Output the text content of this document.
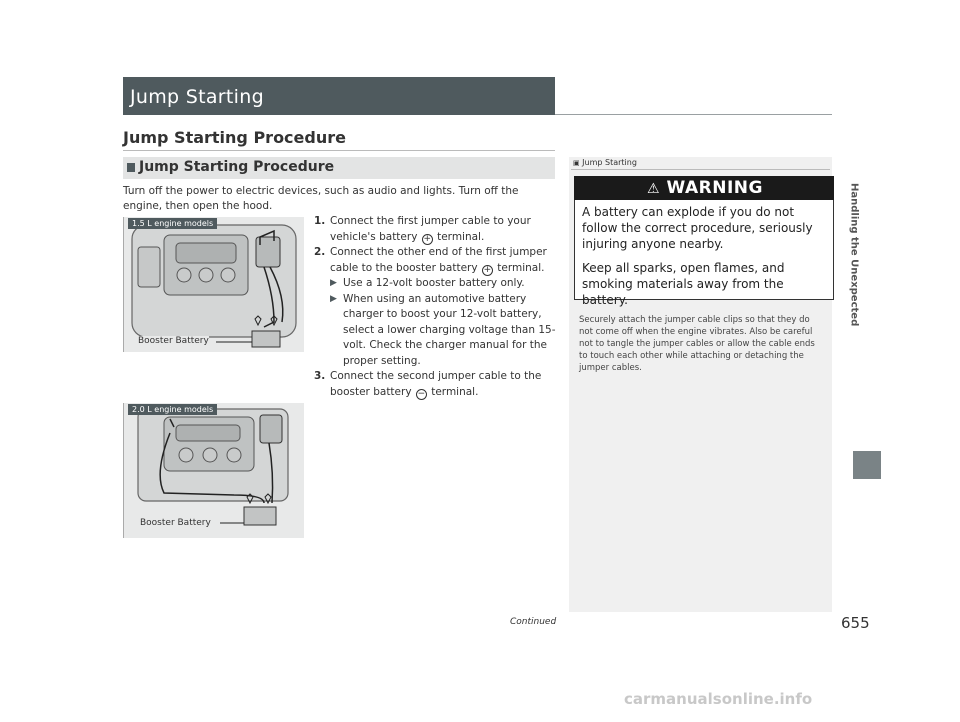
Jump Starting
Jump Starting Procedure
Jump Starting Procedure
Turn off the power to electric devices, such as audio and lights. Turn off the engine, then open the hood.

1. Connect the first jumper cable to your vehicle's battery + terminal.

2. Connect the other end of the first jumper cable to the booster battery + terminal.

▶ Use a 12-volt booster battery only.

▶ When using an automotive battery charger to boost your 12-volt battery, select a lower charging voltage than 15-volt. Check the charger manual for the proper setting.

3. Connect the second jumper cable to the booster battery − terminal.

1.5 L engine models
Booster Battery
2.0 L engine models
Booster Battery
▣ Jump Starting
⚠ WARNING

A battery can explode if you do not follow the correct procedure, seriously injuring anyone nearby.

Keep all sparks, open flames, and smoking materials away from the battery.

Securely attach the jumper cable clips so that they do not come off when the engine vibrates. Also be careful not to tangle the jumper cables or allow the cable ends to touch each other while attaching or detaching the jumper cables.
Handling the Unexpected
Continued	655
carmanualsonline.info
